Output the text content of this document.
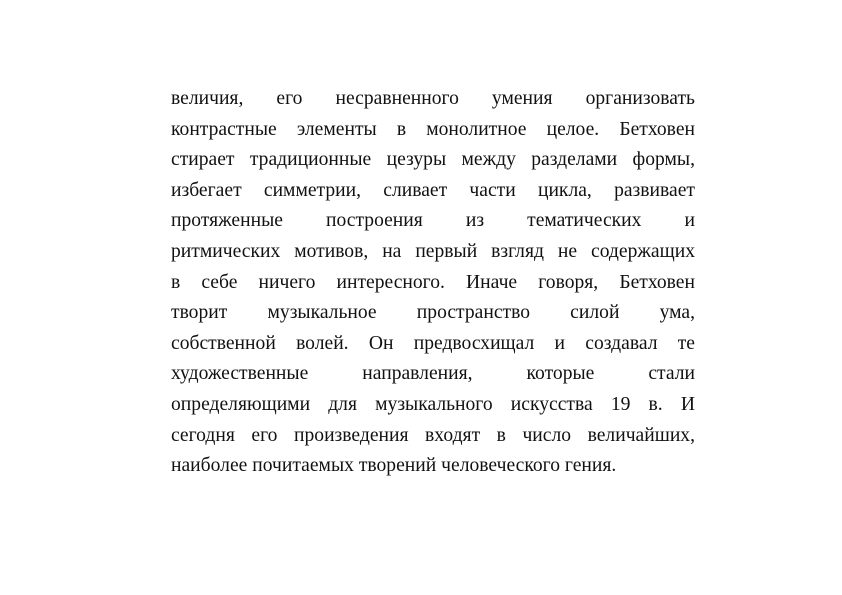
величия, его несравненного умения организовать
контрастные элементы в монолитное целое. Бетховен
стирает традиционные цезуры между разделами формы,
избегает симметрии, сливает части цикла, развивает
протяженные построения из тематических и
ритмических мотивов, на первый взгляд не содержащих
в себе ничего интересного. Иначе говоря, Бетховен
творит музыкальное пространство силой ума,
собственной волей. Он предвосхищал и создавал те
художественные направления, которые стали
определяющими для музыкального искусства 19 в. И
сегодня его произведения входят в число величайших,
наиболее почитаемых творений человеческого гения.
